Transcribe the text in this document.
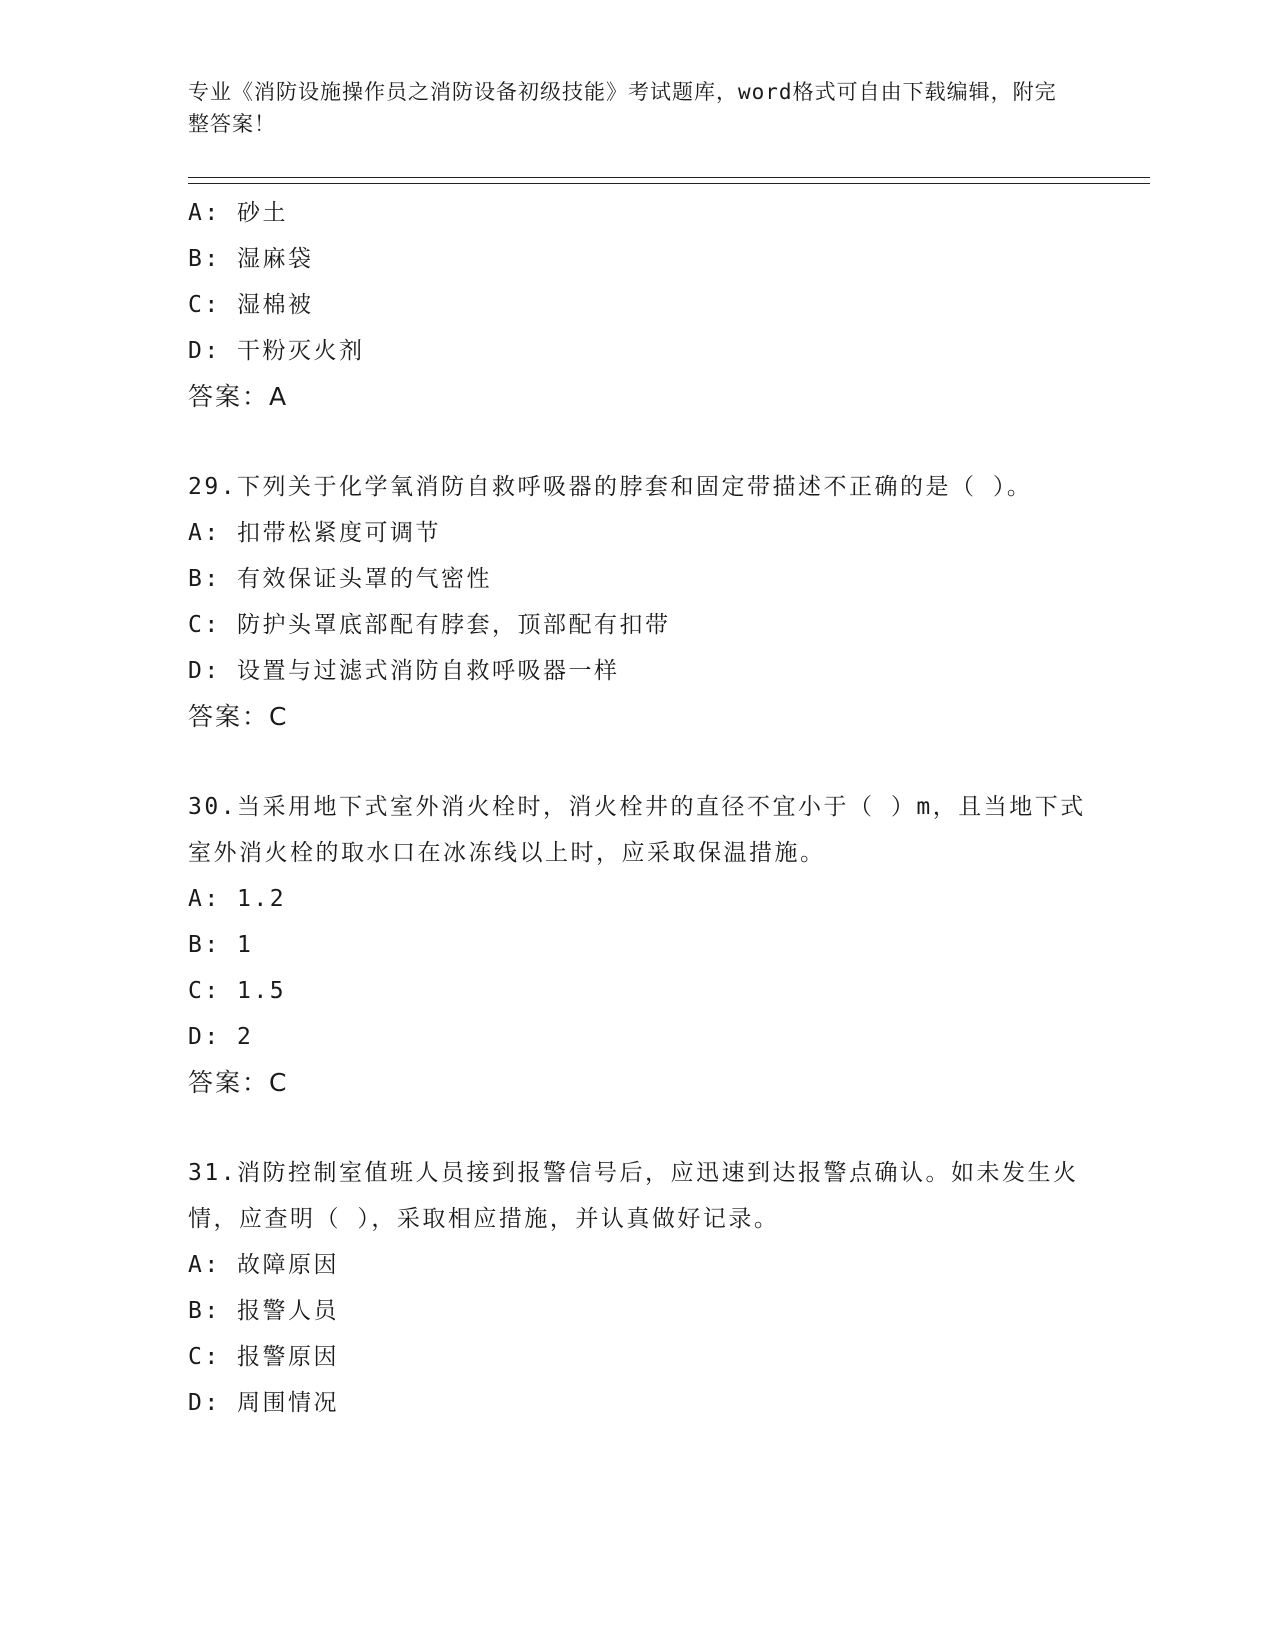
专业《消防设施操作员之消防设备初级技能》考试题库，word格式可自由下载编辑，附完整答案！
A: 砂土
B: 湿麻袋
C: 湿棉被
D: 干粉灭火剂
答案：A
29.下列关于化学氧消防自救呼吸器的脖套和固定带描述不正确的是（ ）。
A: 扣带松紧度可调节
B: 有效保证头罩的气密性
C: 防护头罩底部配有脖套，顶部配有扣带
D: 设置与过滤式消防自救呼吸器一样
答案：C
30.当采用地下式室外消火栓时，消火栓井的直径不宜小于（ ）m，且当地下式室外消火栓的取水口在冰冻线以上时，应采取保温措施。
A: 1.2
B: 1
C: 1.5
D: 2
答案：C
31.消防控制室值班人员接到报警信号后，应迅速到达报警点确认。如未发生火情，应查明（ ），采取相应措施，并认真做好记录。
A: 故障原因
B: 报警人员
C: 报警原因
D: 周围情况
